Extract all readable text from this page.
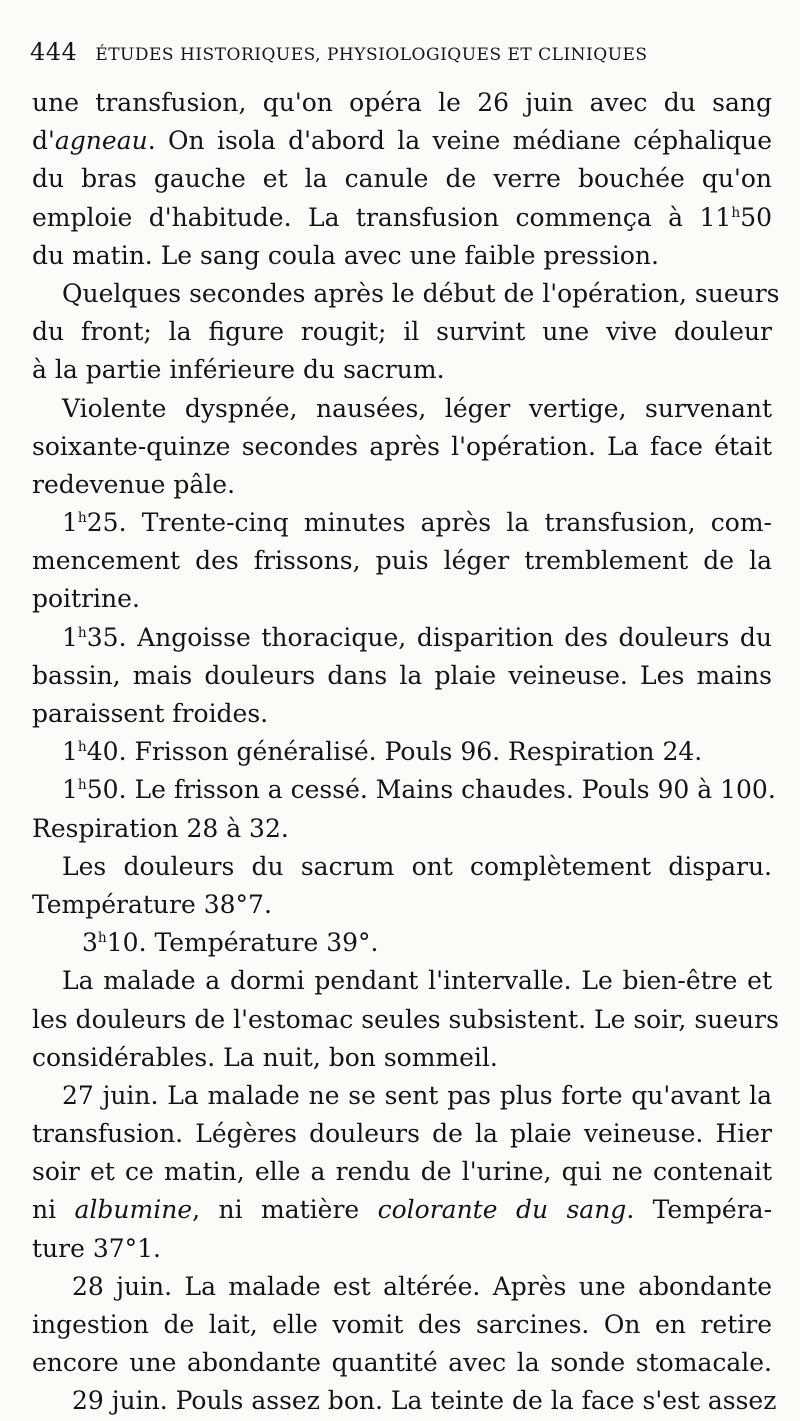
444 ÉTUDES HISTORIQUES, PHYSIOLOGIQUES ET CLINIQUES
une transfusion, qu'on opéra le 26 juin avec du sang
d'agneau. On isola d'abord la veine médiane céphalique
du bras gauche et la canule de verre bouchée qu'on
emploie d'habitude. La transfusion commença à 11$^h$50
du matin. Le sang coula avec une faible pression.
Quelques secondes après le début de l'opération, sueurs
du front; la figure rougit; il survint une vive douleur
à la partie inférieure du sacrum.
Violente dyspnée, nausées, léger vertige, survenant
soixante-quinze secondes après l'opération. La face était
redevenue pâle.
1$^h$25. Trente-cinq minutes après la transfusion, com-
mencement des frissons, puis léger tremblement de la
poitrine.
1$^h$35. Angoisse thoracique, disparition des douleurs du
bassin, mais douleurs dans la plaie veineuse. Les mains
paraissent froides.
1$^h$40. Frisson généralisé. Pouls 96. Respiration 24.
1$^h$50. Le frisson a cessé. Mains chaudes. Pouls 90 à 100.
Respiration 28 à 32.
Les douleurs du sacrum ont complètement disparu.
Température 38°7.
3$^h$10. Température 39°.
La malade a dormi pendant l'intervalle. Le bien-être et
les douleurs de l'estomac seules subsistent. Le soir, sueurs
considérables. La nuit, bon sommeil.
27 juin. La malade ne se sent pas plus forte qu'avant la
transfusion. Légères douleurs de la plaie veineuse. Hier
soir et ce matin, elle a rendu de l'urine, qui ne contenait
ni albumine, ni matière colorante du sang. Tempéra-
ture 37°1.
28 juin. La malade est altérée. Après une abondante
ingestion de lait, elle vomit des sarcines. On en retire
encore une abondante quantité avec la sonde stomacale.
29 juin. Pouls assez bon. La teinte de la face s'est assez
